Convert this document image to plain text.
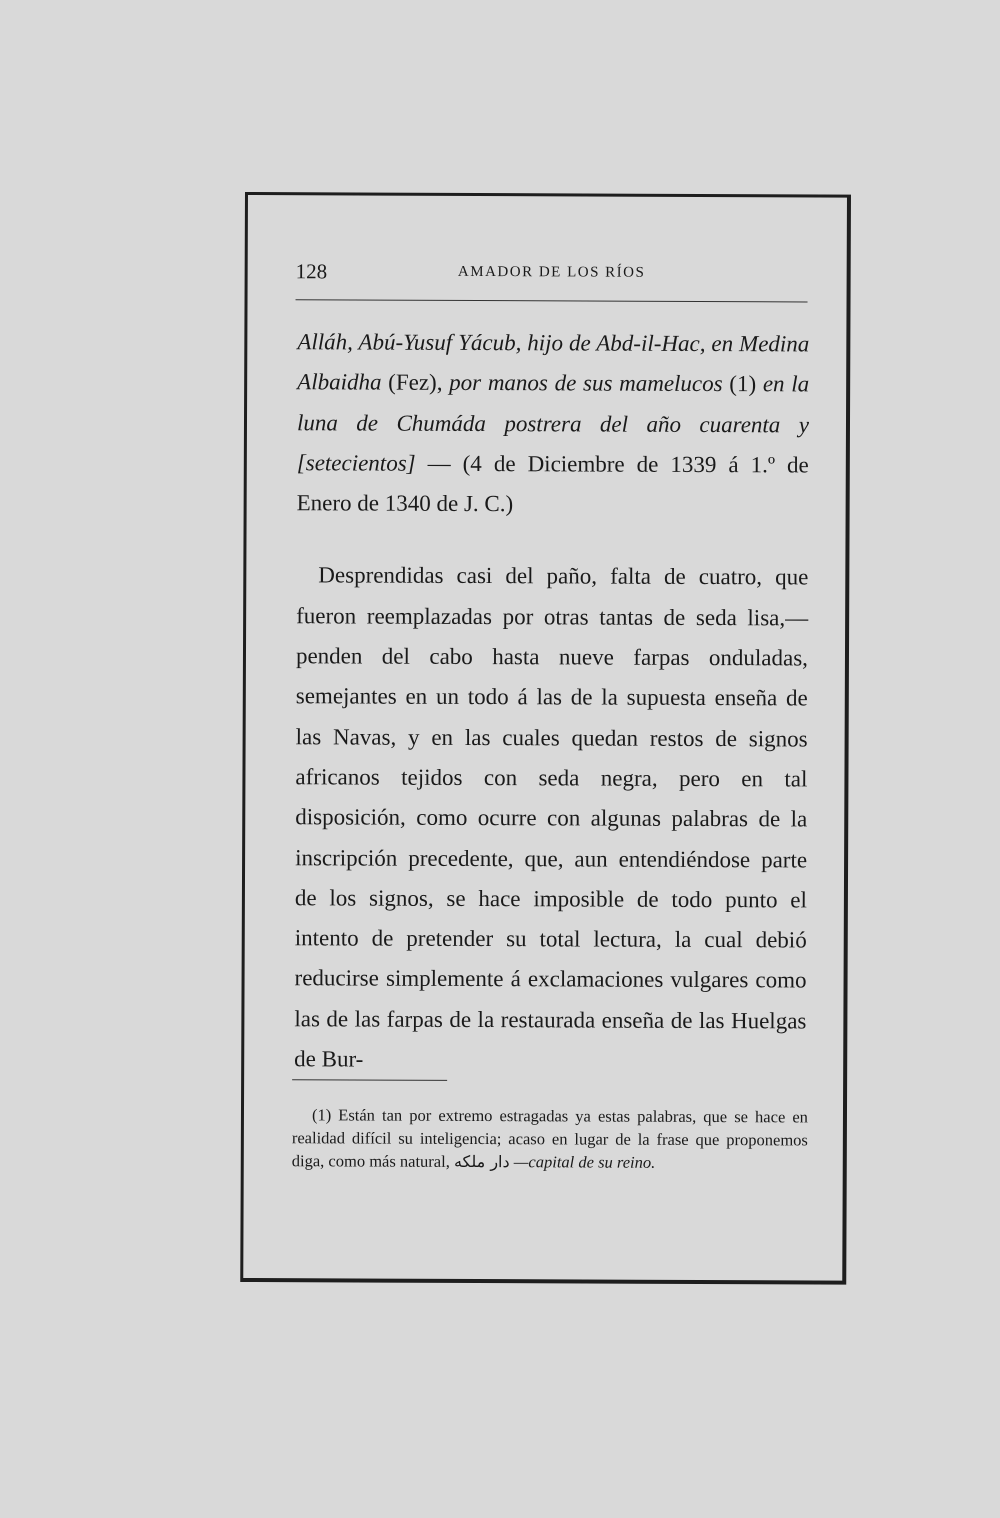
128	AMADOR DE LOS RÍOS

Alláh, Abú-Yusuf Yácub, hijo de Abd-il-Hac, en Medina Albaidha (Fez), por manos de sus mamelucos (1) en la luna de Chumáda postrera del año cuarenta y [setecientos] — (4 de Diciembre de 1339 á 1.º de Enero de 1340 de J. C.)

Desprendidas casi del paño, falta de cuatro, que fueron reemplazadas por otras tantas de seda lisa,—penden del cabo hasta nueve farpas onduladas, semejantes en un todo á las de la supuesta enseña de las Navas, y en las cuales quedan restos de signos africanos tejidos con seda negra, pero en tal disposición, como ocurre con algunas palabras de la inscripción precedente, que, aun entendiéndose parte de los signos, se hace imposible de todo punto el intento de pretender su total lectura, la cual debió reducirse simplemente á exclamaciones vulgares como las de las farpas de la restaurada enseña de las Huelgas de Bur-

(1) Están tan por extremo estragadas ya estas palabras, que se hace en realidad difícil su inteligencia; acaso en lugar de la frase que proponemos diga, como más natural, دار ملكه —capital de su reino.
